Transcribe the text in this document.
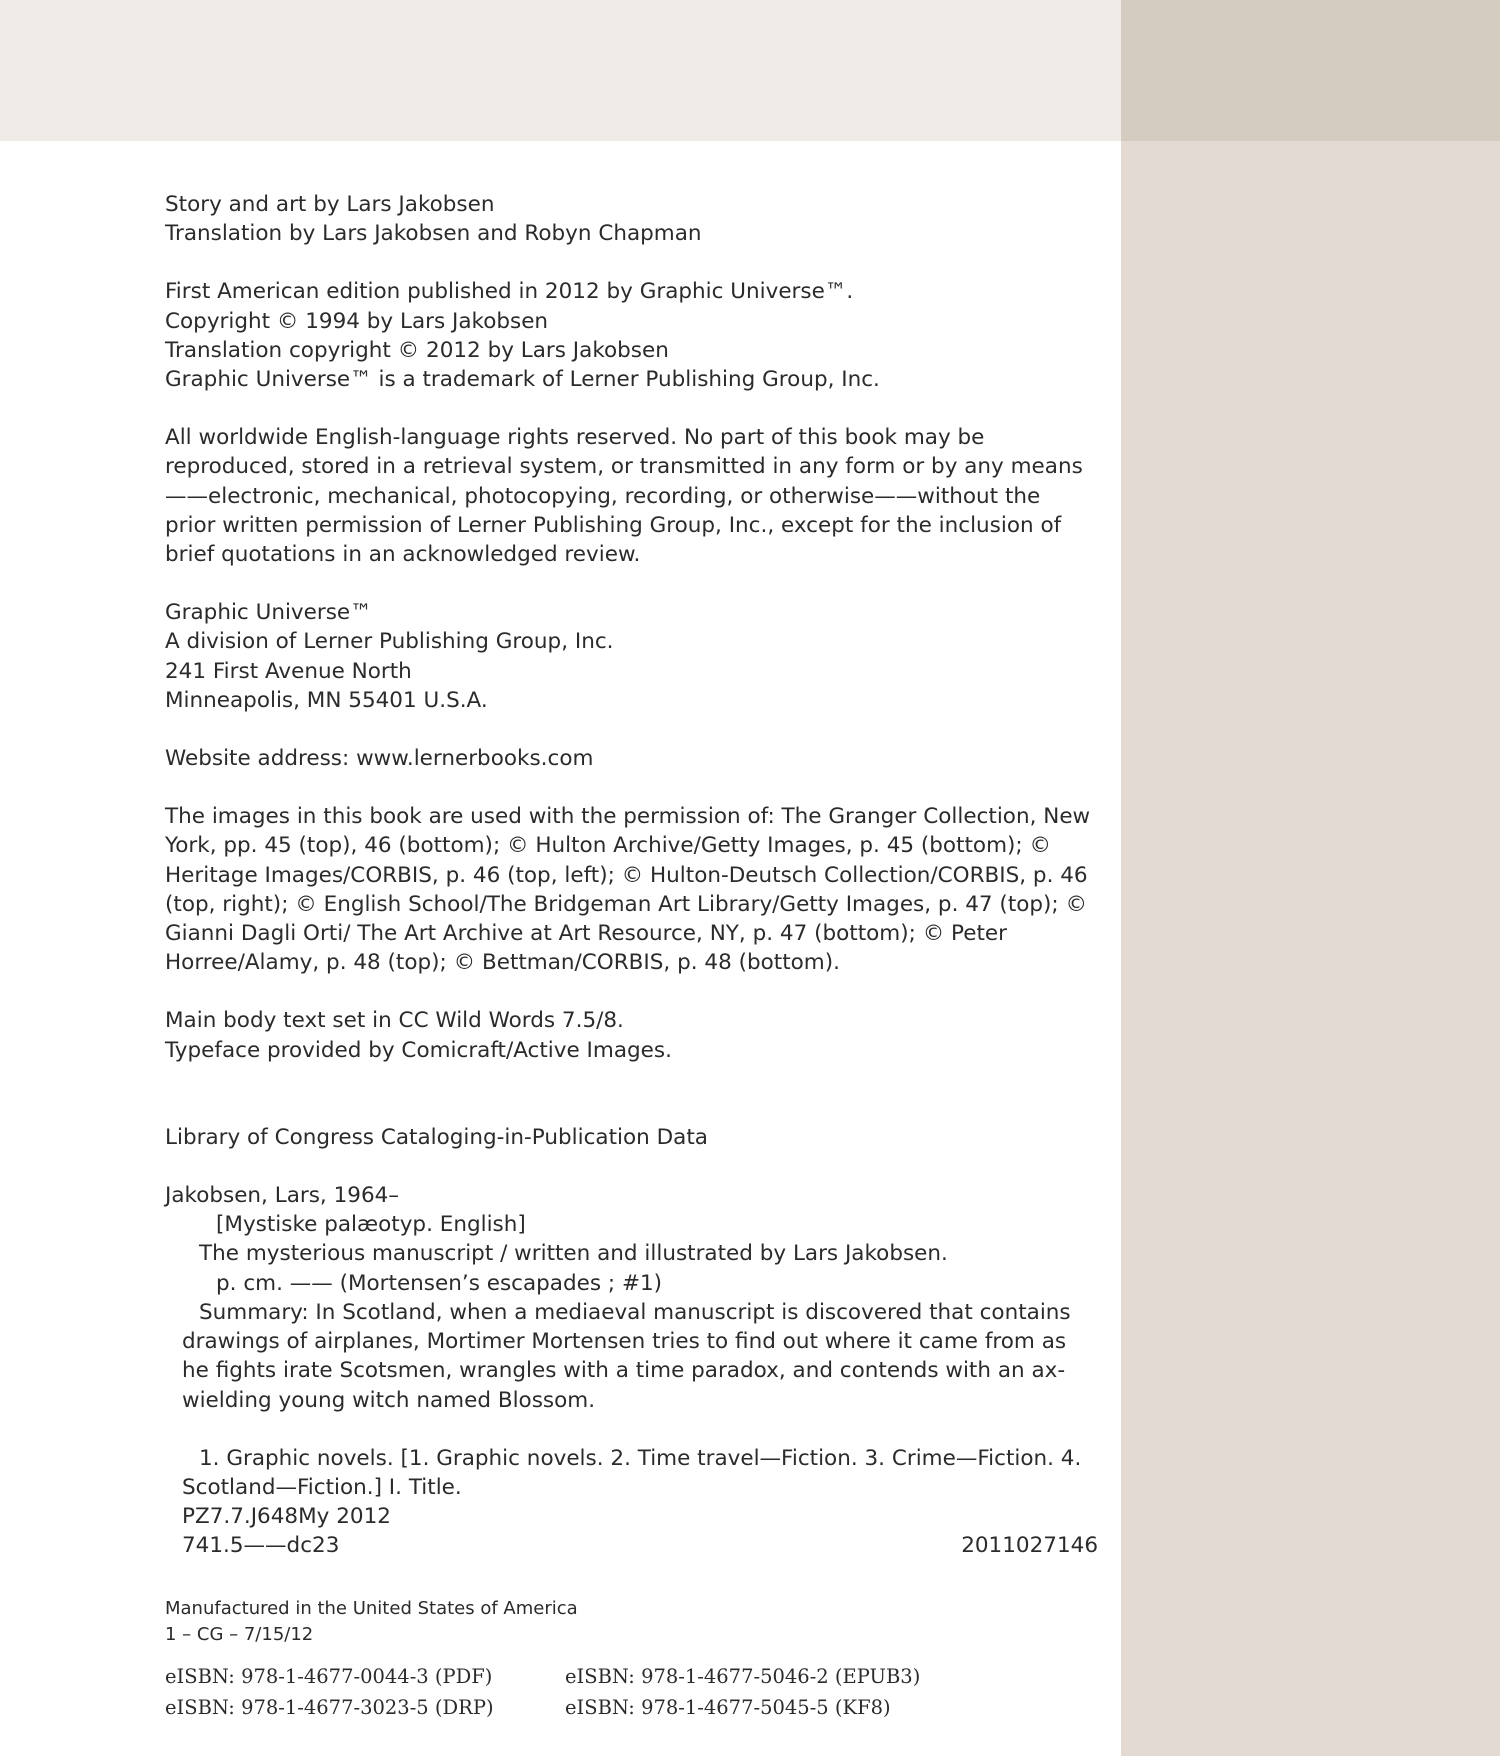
Story and art by Lars Jakobsen
Translation by Lars Jakobsen and Robyn Chapman
First American edition published in 2012 by Graphic Universe™.
Copyright © 1994 by Lars Jakobsen
Translation copyright © 2012 by Lars Jakobsen
Graphic Universe™ is a trademark of Lerner Publishing Group, Inc.
All worldwide English-language rights reserved. No part of this book may be reproduced, stored in a retrieval system, or transmitted in any form or by any means——electronic, mechanical, photocopying, recording, or otherwise——without the prior written permission of Lerner Publishing Group, Inc., except for the inclusion of brief quotations in an acknowledged review.
Graphic Universe™
A division of Lerner Publishing Group, Inc.
241 First Avenue North
Minneapolis, MN 55401 U.S.A.
Website address: www.lernerbooks.com
The images in this book are used with the permission of: The Granger Collection, New York, pp. 45 (top), 46 (bottom); © Hulton Archive/Getty Images, p. 45 (bottom); © Heritage Images/CORBIS, p. 46 (top, left); © Hulton-Deutsch Collection/CORBIS, p. 46 (top, right); © English School/The Bridgeman Art Library/Getty Images, p. 47 (top); © Gianni Dagli Orti/ The Art Archive at Art Resource, NY, p. 47 (bottom); © Peter Horree/Alamy, p. 48 (top); © Bettman/CORBIS, p. 48 (bottom).
Main body text set in CC Wild Words 7.5/8.
Typeface provided by Comicraft/Active Images.
Library of Congress Cataloging-in-Publication Data
Jakobsen, Lars, 1964–
[Mystiske palæotyp. English]
The mysterious manuscript / written and illustrated by Lars Jakobsen.
p. cm. —— (Mortensen’s escapades ; #1)
Summary: In Scotland, when a mediaeval manuscript is discovered that contains drawings of airplanes, Mortimer Mortensen tries to find out where it came from as he fights irate Scotsmen, wrangles with a time paradox, and contends with an ax-wielding young witch named Blossom.
1. Graphic novels. [1. Graphic novels. 2. Time travel—Fiction. 3. Crime—Fiction. 4. Scotland—Fiction.] I. Title.
PZ7.7.J648My 2012
741.5——dc23	2011027146
Manufactured in the United States of America
1 – CG – 7/15/12
eISBN: 978-1-4677-0044-3 (PDF)	eISBN: 978-1-4677-5046-2 (EPUB3)
eISBN: 978-1-4677-3023-5 (DRP)	eISBN: 978-1-4677-5045-5 (KF8)
